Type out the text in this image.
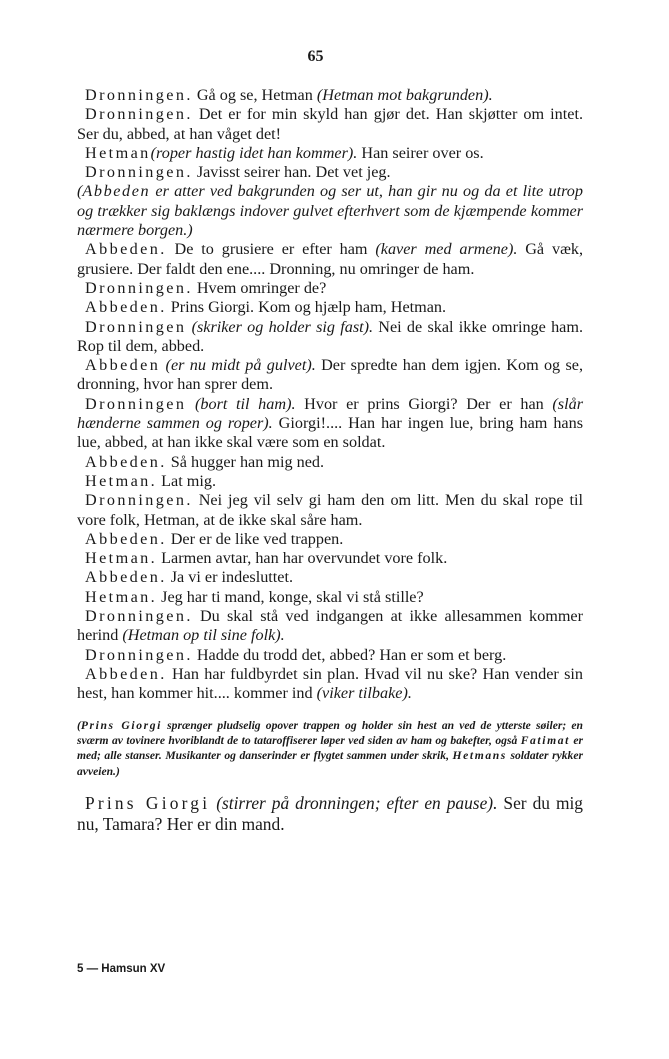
65

Dronningen. Gå og se, Hetman (Hetman mot bakgrunden).

Dronningen. Det er for min skyld han gjør det. Han skjøtter om intet. Ser du, abbed, at han våget det!

Hetman(roper hastig idet han kommer). Han seirer over os.

Dronningen. Javisst seirer han. Det vet jeg.

(Abbeden er atter ved bakgrunden og ser ut, han gir nu og da et lite utrop og trækker sig baklængs indover gulvet efterhvert som de kjæmpende kommer nærmere borgen.)

Abbeden. De to grusiere er efter ham (kaver med armene). Gå væk, grusiere. Der faldt den ene.... Dronning, nu omringer de ham.

Dronningen. Hvem omringer de?

Abbeden. Prins Giorgi. Kom og hjælp ham, Hetman.

Dronningen (skriker og holder sig fast). Nei de skal ikke omringe ham. Rop til dem, abbed.

Abbeden (er nu midt på gulvet). Der spredte han dem igjen. Kom og se, dronning, hvor han sprer dem.

Dronningen (bort til ham). Hvor er prins Giorgi? Der er han (slår hænderne sammen og roper). Giorgi!.... Han har ingen lue, bring ham hans lue, abbed, at han ikke skal være som en soldat.

Abbeden. Så hugger han mig ned.

Hetman. Lat mig.

Dronningen. Nei jeg vil selv gi ham den om litt. Men du skal rope til vore folk, Hetman, at de ikke skal såre ham.

Abbeden. Der er de like ved trappen.

Hetman. Larmen avtar, han har overvundet vore folk.

Abbeden. Ja vi er indesluttet.

Hetman. Jeg har ti mand, konge, skal vi stå stille?

Dronningen. Du skal stå ved indgangen at ikke allesammen kommer herind (Hetman op til sine folk).

Dronningen. Hadde du trodd det, abbed? Han er som et berg.

Abbeden. Han har fuldbyrdet sin plan. Hvad vil nu ske? Han vender sin hest, han kommer hit.... kommer ind (viker tilbake).

(Prins Giorgi sprænger pludselig opover trappen og holder sin hest an ved de ytterste søiler; en sværm av tovinere hvoriblandt de to tataroffiserer løper ved siden av ham og bakefter, også Fatimat er med; alle stanser. Musikanter og danserinder er flygtet sammen under skrik, Hetmans soldater rykker avveien.)

Prins Giorgi (stirrer på dronningen; efter en pause). Ser du mig nu, Tamara? Her er din mand.

5 — Hamsun XV
